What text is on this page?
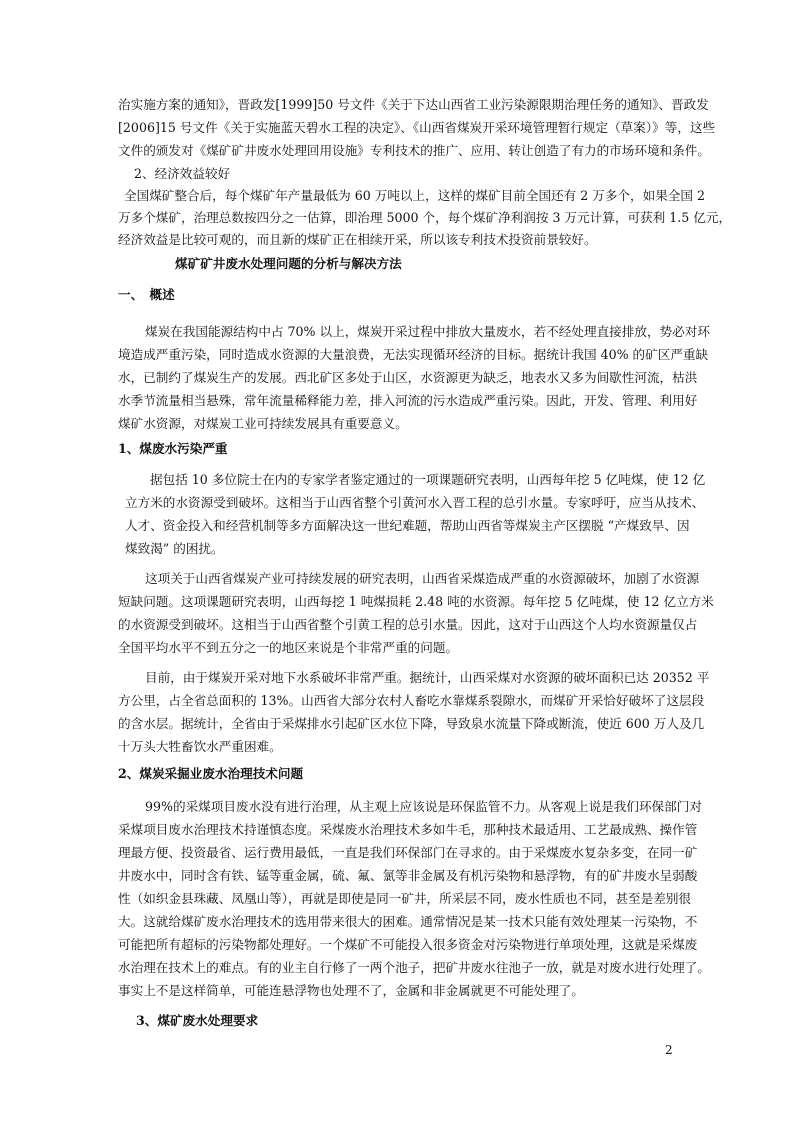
治实施方案的通知》，晋政发[1999]50 号文件《关于下达山西省工业污染源限期治理任务的通知》、晋政发
[2006]15 号文件《关于实施蓝天碧水工程的决定》、《山西省煤炭开采环境管理暂行规定（草案）》等，这些
文件的颁发对《煤矿矿井废水处理回用设施》专利技术的推广、应用、转让创造了有力的市场环境和条件。
2、经济效益较好
全国煤矿整合后，每个煤矿年产量最低为 60 万吨以上，这样的煤矿目前全国还有 2 万多个，如果全国 2
万多个煤矿，治理总数按四分之一估算，即治理 5000 个，每个煤矿净利润按 3 万元计算，可获利 1.5 亿元，
经济效益是比较可观的，而且新的煤矿正在相续开采，所以该专利技术投资前景较好。
煤矿矿井废水处理问题的分析与解决方法
一、　概述
煤炭在我国能源结构中占 70% 以上，煤炭开采过程中排放大量废水，若不经处理直接排放，势必对环
境造成严重污染，同时造成水资源的大量浪费，无法实现循环经济的目标。据统计我国 40% 的矿区严重缺
水，已制约了煤炭生产的发展。西北矿区多处于山区，水资源更为缺乏，地表水又多为间歇性河流，枯洪
水季节流量相当悬殊，常年流量稀释能力差，排入河流的污水造成严重污染。因此，开发、管理、利用好
煤矿水资源，对煤炭工业可持续发展具有重要意义。
1、煤废水污染严重
据包括 10 多位院士在内的专家学者鉴定通过的一项课题研究表明，山西每年挖 5 亿吨煤，使 12 亿
立方米的水资源受到破坏。这相当于山西省整个引黄河水入晋工程的总引水量。专家呼吁，应当从技术、
人才、资金投入和经营机制等多方面解决这一世纪难题，帮助山西省等煤炭主产区摆脱 “产煤致旱、因
煤致渴” 的困扰。
这项关于山西省煤炭产业可持续发展的研究表明，山西省采煤造成严重的水资源破坏，加剧了水资源
短缺问题。这项课题研究表明，山西每挖 1 吨煤损耗 2.48 吨的水资源。每年挖 5 亿吨煤，使 12 亿立方米
的水资源受到破坏。这相当于山西省整个引黄工程的总引水量。因此，这对于山西这个人均水资源量仅占
全国平均水平不到五分之一的地区来说是个非常严重的问题。
目前，由于煤炭开采对地下水系破坏非常严重。据统计，山西采煤对水资源的破坏面积已达 20352 平
方公里，占全省总面积的 13%。山西省大部分农村人畜吃水靠煤系裂隙水，而煤矿开采恰好破坏了这层段
的含水层。据统计，全省由于采煤排水引起矿区水位下降，导致泉水流量下降或断流，使近 600 万人及几
十万头大牲畜饮水严重困难。
2、煤炭采掘业废水治理技术问题
99%的采煤项目废水没有进行治理，从主观上应该说是环保监管不力。从客观上说是我们环保部门对
采煤项目废水治理技术持谨慎态度。采煤废水治理技术多如牛毛，那种技术最适用、工艺最成熟、操作管
理最方便、投资最省、运行费用最低，一直是我们环保部门在寻求的。由于采煤废水复杂多变，在同一矿
井废水中，同时含有铁、锰等重金属，硫、氟、氯等非金属及有机污染物和悬浮物，有的矿井废水呈弱酸
性（如织金县珠藏、凤凰山等），再就是即使是同一矿井，所采层不同，废水性质也不同，甚至是差别很
大。这就给煤矿废水治理技术的选用带来很大的困难。通常情况是某一技术只能有效处理某一污染物，不
可能把所有超标的污染物都处理好。一个煤矿不可能投入很多资金对污染物进行单项处理，这就是采煤废
水治理在技术上的难点。有的业主自行修了一两个池子，把矿井废水往池子一放，就是对废水进行处理了。
事实上不是这样简单，可能连悬浮物也处理不了，金属和非金属就更不可能处理了。
3、煤矿废水处理要求
2
